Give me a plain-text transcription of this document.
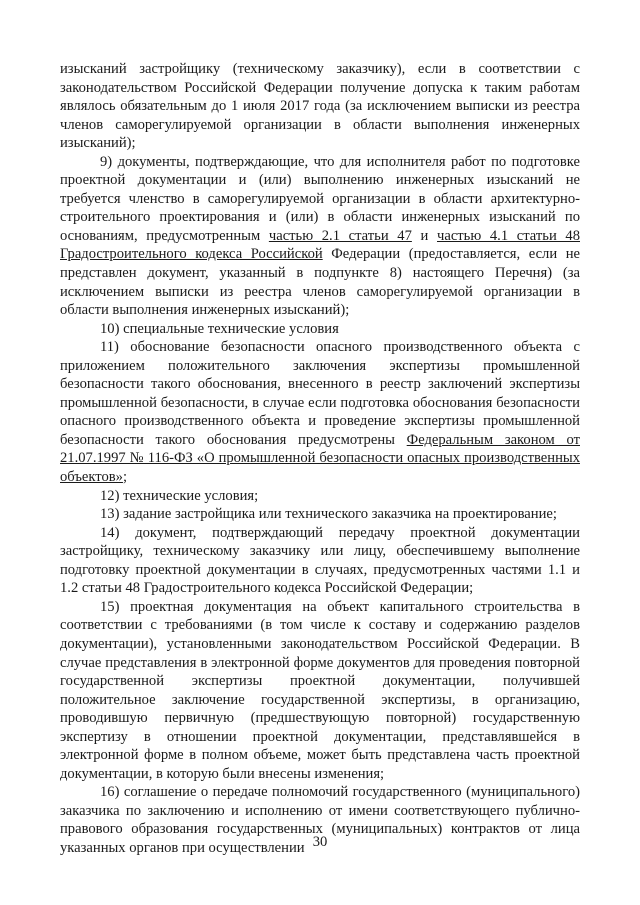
изысканий застройщику (техническому заказчику), если в соответствии с законодательством Российской Федерации получение допуска к таким работам являлось обязательным до 1 июля 2017 года (за исключением выписки из реестра членов саморегулируемой организации в области выполнения инженерных изысканий);

9) документы, подтверждающие, что для исполнителя работ по подготовке проектной документации и (или) выполнению инженерных изысканий не требуется членство в саморегулируемой организации в области архитектурно-строительного проектирования и (или) в области инженерных изысканий по основаниям, предусмотренным частью 2.1 статьи 47 и частью 4.1 статьи 48 Градостроительного кодекса Российской Федерации (предоставляется, если не представлен документ, указанный в подпункте 8) настоящего Перечня) (за исключением выписки из реестра членов саморегулируемой организации в области выполнения инженерных изысканий);

10) специальные технические условия

11) обоснование безопасности опасного производственного объекта с приложением положительного заключения экспертизы промышленной безопасности такого обоснования, внесенного в реестр заключений экспертизы промышленной безопасности, в случае если подготовка обоснования безопасности опасного производственного объекта и проведение экспертизы промышленной безопасности такого обоснования предусмотрены Федеральным законом от 21.07.1997 № 116-ФЗ «О промышленной безопасности опасных производственных объектов»;

12) технические условия;

13) задание застройщика или технического заказчика на проектирование;

14) документ, подтверждающий передачу проектной документации застройщику, техническому заказчику или лицу, обеспечившему выполнение подготовку проектной документации в случаях, предусмотренных частями 1.1 и 1.2 статьи 48 Градостроительного кодекса Российской Федерации;

15) проектная документация на объект капитального строительства в соответствии с требованиями (в том числе к составу и содержанию разделов документации), установленными законодательством Российской Федерации. В случае представления в электронной форме документов для проведения повторной государственной экспертизы проектной документации, получившей положительное заключение государственной экспертизы, в организацию, проводившую первичную (предшествующую повторной) государственную экспертизу в отношении проектной документации, представлявшейся в электронной форме в полном объеме, может быть представлена часть проектной документации, в которую были внесены изменения;

16) соглашение о передаче полномочий государственного (муниципального) заказчика по заключению и исполнению от имени соответствующего публично-правового образования государственных (муниципальных) контрактов от лица указанных органов при осуществлении 30
